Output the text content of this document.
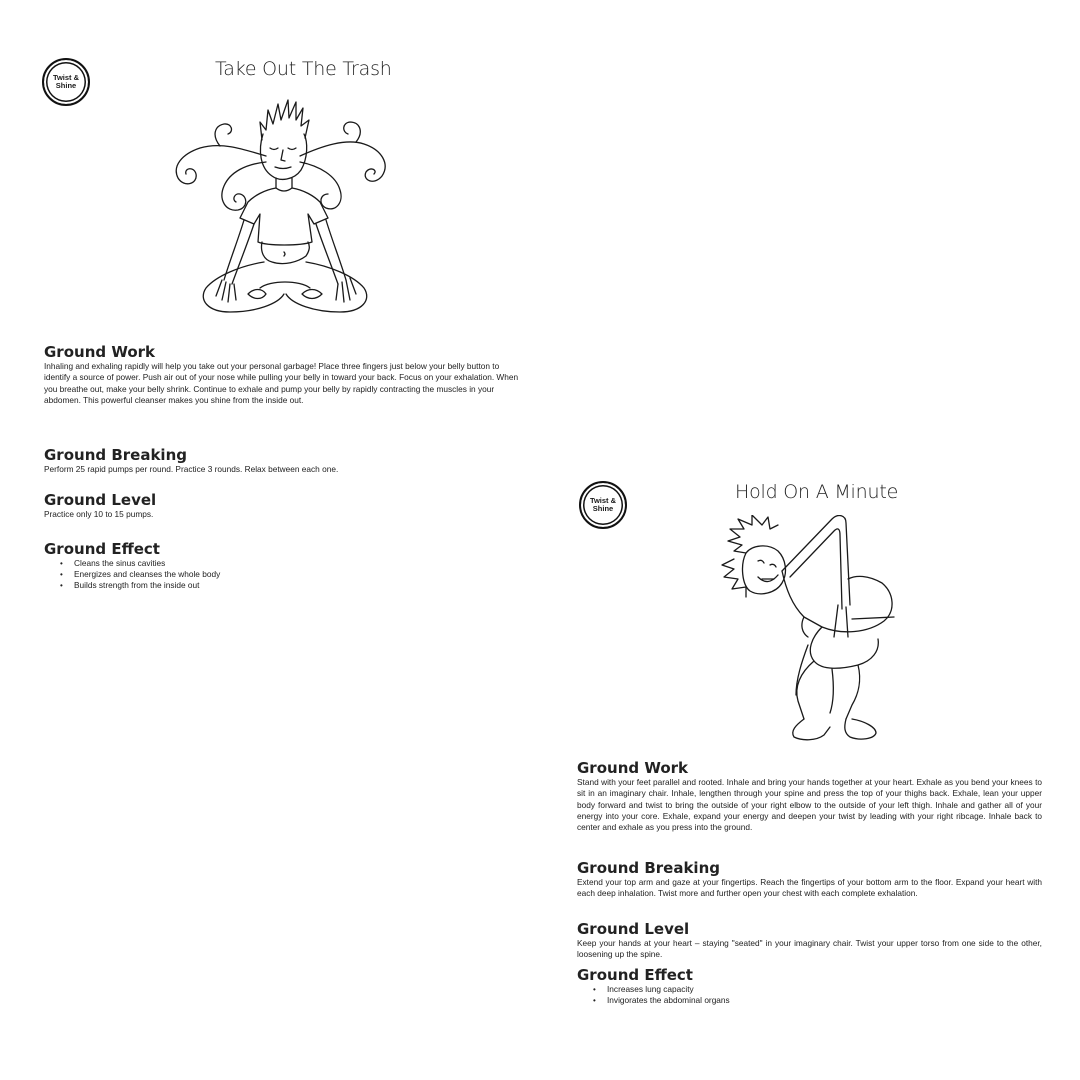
Twist & Shine
Take Out The Trash
Ground Work

Inhaling and exhaling rapidly will help you take out your personal garbage! Place three fingers just below your belly button to identify a source of power. Push air out of your nose while pulling your belly in toward your back. Focus on your exhalation. When you breathe out, make your belly shrink. Continue to exhale and pump your belly by rapidly contracting the muscles in your abdomen. This powerful cleanser makes you shine from the inside out.

Ground Breaking

Perform 25 rapid pumps per round. Practice 3 rounds. Relax between each one.

Ground Level

Practice only 10 to 15 pumps.

Ground Effect
• Cleans the sinus cavities
• Energizes and cleanses the whole body
• Builds strength from the inside out
Twist & Shine
Hold On A Minute
Ground Work

Stand with your feet parallel and rooted. Inhale and bring your hands together at your heart. Exhale as you bend your knees to sit in an imaginary chair. Inhale, lengthen through your spine and press the top of your thighs back. Exhale, lean your upper body forward and twist to bring the outside of your right elbow to the outside of your left thigh. Inhale and gather all of your energy into your core. Exhale, expand your energy and deepen your twist by leading with your right ribcage. Inhale back to center and exhale as you press into the ground.

Ground Breaking

Extend your top arm and gaze at your fingertips. Reach the fingertips of your bottom arm to the floor. Expand your heart with each deep inhalation. Twist more and further open your chest with each complete exhalation.

Ground Level

Keep your hands at your heart – staying "seated" in your imaginary chair. Twist your upper torso from one side to the other, loosening up the spine.

Ground Effect
• Increases lung capacity
• Invigorates the abdominal organs
